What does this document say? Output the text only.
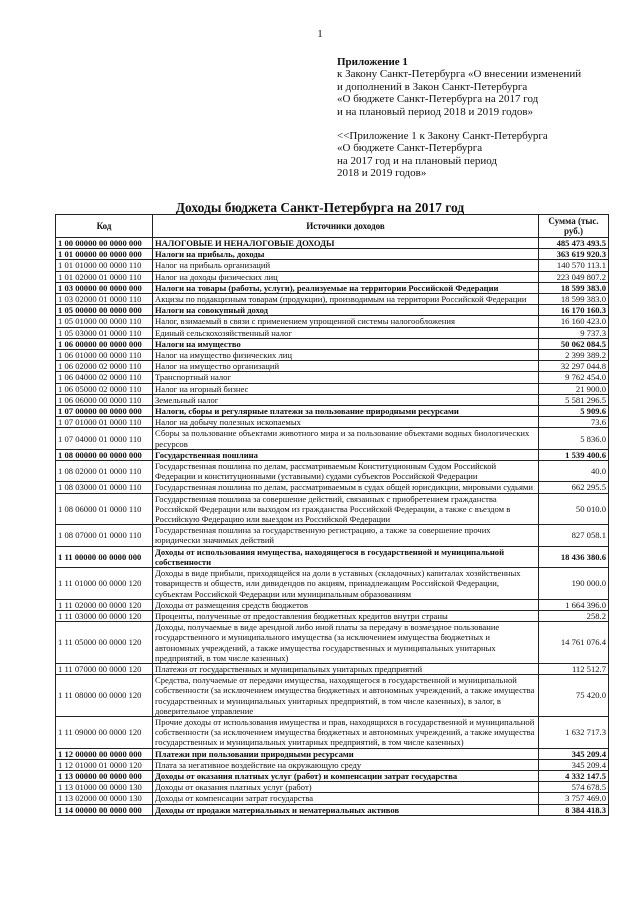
1
Приложение 1
к Закону Санкт-Петербурга «О внесении изменений
и дополнений в Закон Санкт-Петербурга
«О бюджете Санкт-Петербурга на 2017 год
и на плановый период 2018 и 2019 годов»
<<Приложение 1 к Закону Санкт-Петербурга
«О бюджете Санкт-Петербурга
на 2017 год и на плановый период
2018 и 2019 годов»
Доходы бюджета Санкт-Петербурга на 2017 год
Код	Источники доходов	Сумма (тыс. руб.)
1 00 00000 00 0000 000	НАЛОГОВЫЕ И НЕНАЛОГОВЫЕ ДОХОДЫ	485 473 493.5
1 01 00000 00 0000 000	Налоги на прибыль, доходы	363 619 920.3
1 01 01000 00 0000 110	Налог на прибыль организаций	140 570 113.1
1 01 02000 01 0000 110	Налог на доходы физических лиц	223 049 807.2
1 03 00000 00 0000 000	Налоги на товары (работы, услуги), реализуемые на территории Российской Федерации	18 599 383.0
1 03 02000 01 0000 110	Акцизы по подакцизным товарам (продукции), производимым на территории Российской Федерации	18 599 383.0
1 05 00000 00 0000 000	Налоги на совокупный доход	16 170 160.3
1 05 01000 00 0000 110	Налог, взимаемый в связи с применением упрощенной системы налогообложения	16 160 423.0
1 05 03000 01 0000 110	Единый сельскохозяйственный налог	9 737.3
1 06 00000 00 0000 000	Налоги на имущество	50 062 084.5
1 06 01000 00 0000 110	Налог на имущество физических лиц	2 399 389.2
1 06 02000 02 0000 110	Налог на имущество организаций	32 297 044.8
1 06 04000 02 0000 110	Транспортный налог	9 762 454.0
1 06 05000 02 0000 110	Налог на игорный бизнес	21 900.0
1 06 06000 00 0000 110	Земельный налог	5 581 296.5
1 07 00000 00 0000 000	Налоги, сборы и регулярные платежи за пользование природными ресурсами	5 909.6
1 07 01000 01 0000 110	Налог на добычу полезных ископаемых	73.6
1 07 04000 01 0000 110	Сборы за пользование объектами животного мира и за пользование объектами водных биологических ресурсов	5 836.0
1 08 00000 00 0000 000	Государственная пошлина	1 539 400.6
1 08 02000 01 0000 110	Государственная пошлина по делам, рассматриваемым Конституционным Судом Российской Федерации и конституционными (уставными) судами субъектов Российской Федерации	40.0
1 08 03000 01 0000 110	Государственная пошлина по делам, рассматриваемым в судах общей юрисдикции, мировыми судьями	662 295.5
1 08 06000 01 0000 110	Государственная пошлина за совершение действий, связанных с приобретением гражданства Российской Федерации или выходом из гражданства Российской Федерации, а также с въездом в Российскую Федерацию или выездом из Российской Федерации	50 010.0
1 08 07000 01 0000 110	Государственная пошлина за государственную регистрацию, а также за совершение прочих юридически значимых действий	827 058.1
1 11 00000 00 0000 000	Доходы от использования имущества, находящегося в государственной и муниципальной собственности	18 436 380.6
1 11 01000 00 0000 120	Доходы в виде прибыли, приходящейся на доли в уставных (складочных) капиталах хозяйственных товариществ и обществ, или дивидендов по акциям, принадлежащим Российской Федерации, субъектам Российской Федерации или муниципальным образованиям	190 000.0
1 11 02000 00 0000 120	Доходы от размещения средств бюджетов	1 664 396.0
1 11 03000 00 0000 120	Проценты, полученные от предоставления бюджетных кредитов внутри страны	258.2
1 11 05000 00 0000 120	Доходы, получаемые в виде арендной либо иной платы за передачу в возмездное пользование государственного и муниципального имущества (за исключением имущества бюджетных и автономных учреждений, а также имущества государственных и муниципальных унитарных предприятий, в том числе казенных)	14 761 076.4
1 11 07000 00 0000 120	Платежи от государственных и муниципальных унитарных предприятий	112 512.7
1 11 08000 00 0000 120	Средства, получаемые от передачи имущества, находящегося в государственной и муниципальной собственности (за исключением имущества бюджетных и автономных учреждений, а также имущества государственных и муниципальных унитарных предприятий, в том числе казенных), в залог, в доверительное управление	75 420.0
1 11 09000 00 0000 120	Прочие доходы от использования имущества и прав, находящихся в государственной и муниципальной собственности (за исключением имущества бюджетных и автономных учреждений, а также имущества государственных и муниципальных унитарных предприятий, в том числе казенных)	1 632 717.3
1 12 00000 00 0000 000	Платежи при пользовании природными ресурсами	345 209.4
1 12 01000 01 0000 120	Плата за негативное воздействие на окружающую среду	345 209.4
1 13 00000 00 0000 000	Доходы от оказания платных услуг (работ) и компенсации затрат государства	4 332 147.5
1 13 01000 00 0000 130	Доходы от оказания платных услуг (работ)	574 678.5
1 13 02000 00 0000 130	Доходы от компенсации затрат государства	3 757 469.0
1 14 00000 00 0000 000	Доходы от продажи материальных и нематериальных активов	8 384 418.3
